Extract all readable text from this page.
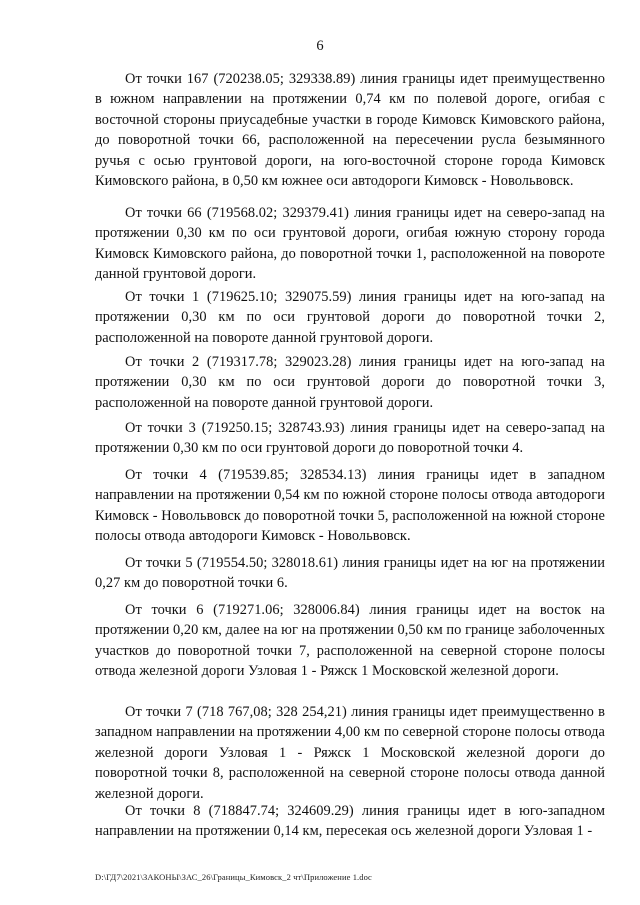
6

От точки 167 (720238.05; 329338.89) линия границы идет преимущественно в южном направлении на протяжении 0,74 км по полевой дороге, огибая с восточной стороны приусадебные участки в городе Кимовск Кимовского района, до поворотной точки 66, расположенной на пересечении русла безымянного ручья с осью грунтовой дороги, на юго-восточной стороне города Кимовск Кимовского района, в 0,50 км южнее оси автодороги Кимовск - Новольвовск.

От точки 66 (719568.02; 329379.41) линия границы идет на северо-запад на протяжении 0,30 км по оси грунтовой дороги, огибая южную сторону города Кимовск Кимовского района, до поворотной точки 1, расположенной на повороте данной грунтовой дороги.

От точки 1 (719625.10; 329075.59) линия границы идет на юго-запад на протяжении 0,30 км по оси грунтовой дороги до поворотной точки 2, расположенной на повороте данной грунтовой дороги.

От точки 2 (719317.78; 329023.28) линия границы идет на юго-запад на протяжении 0,30 км по оси грунтовой дороги до поворотной точки 3, расположенной на повороте данной грунтовой дороги.

От точки 3 (719250.15; 328743.93) линия границы идет на северо-запад на протяжении 0,30 км по оси грунтовой дороги до поворотной точки 4.

От точки 4 (719539.85; 328534.13) линия границы идет в западном направлении на протяжении 0,54 км по южной стороне полосы отвода автодороги Кимовск - Новольвовск до поворотной точки 5, расположенной на южной стороне полосы отвода автодороги Кимовск - Новольвовск.

От точки 5 (719554.50; 328018.61) линия границы идет на юг на протяжении 0,27 км до поворотной точки 6.

От точки 6 (719271.06; 328006.84) линия границы идет на восток на протяжении 0,20 км, далее на юг на протяжении 0,50 км по границе заболоченных участков до поворотной точки 7, расположенной на северной стороне полосы отвода железной дороги Узловая 1 - Ряжск 1 Московской железной дороги.

От точки 7 (718 767,08; 328 254,21) линия границы идет преимущественно в западном направлении на протяжении 4,00 км по северной стороне полосы отвода железной дороги Узловая 1 - Ряжск 1 Московской железной дороги до поворотной точки 8, расположенной на северной стороне полосы отвода данной железной дороги.

От точки 8 (718847.74; 324609.29) линия границы идет в юго-западном направлении на протяжении 0,14 км, пересекая ось железной дороги Узловая 1 -

D:\ГД7\2021\ЗАКОНЫ\ЗАС_26\Границы_Кимовск_2 чт\Приложение 1.doc
